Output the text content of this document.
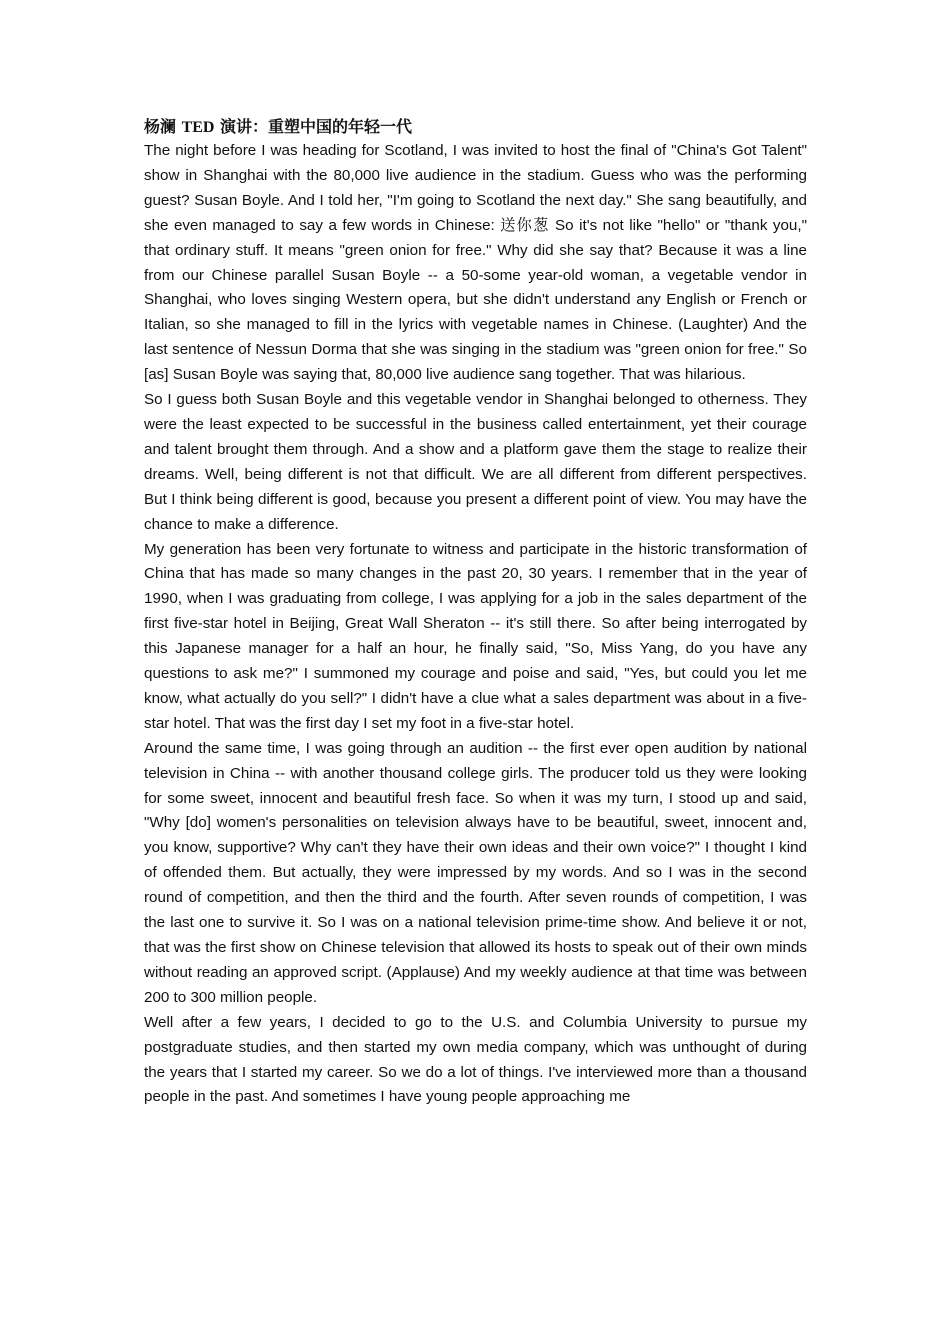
杨澜 TED 演讲：重塑中国的年轻一代

The night before I was heading for Scotland, I was invited to host the final of "China's Got Talent" show in Shanghai with the 80,000 live audience in the stadium. Guess who was the performing guest? Susan Boyle. And I told her, "I'm going to Scotland the next day." She sang beautifully, and she even managed to say a few words in Chinese: 送你葱 So it's not like "hello" or "thank you," that ordinary stuff. It means "green onion for free." Why did she say that? Because it was a line from our Chinese parallel Susan Boyle -- a 50-some year-old woman, a vegetable vendor in Shanghai, who loves singing Western opera, but she didn't understand any English or French or Italian, so she managed to fill in the lyrics with vegetable names in Chinese. (Laughter) And the last sentence of Nessun Dorma that she was singing in the stadium was "green onion for free." So [as] Susan Boyle was saying that, 80,000 live audience sang together. That was hilarious.

So I guess both Susan Boyle and this vegetable vendor in Shanghai belonged to otherness. They were the least expected to be successful in the business called entertainment, yet their courage and talent brought them through. And a show and a platform gave them the stage to realize their dreams. Well, being different is not that difficult. We are all different from different perspectives. But I think being different is good, because you present a different point of view. You may have the chance to make a difference.

My generation has been very fortunate to witness and participate in the historic transformation of China that has made so many changes in the past 20, 30 years. I remember that in the year of 1990, when I was graduating from college, I was applying for a job in the sales department of the first five-star hotel in Beijing, Great Wall Sheraton -- it's still there. So after being interrogated by this Japanese manager for a half an hour, he finally said, "So, Miss Yang, do you have any questions to ask me?" I summoned my courage and poise and said, "Yes, but could you let me know, what actually do you sell?" I didn't have a clue what a sales department was about in a five-star hotel. That was the first day I set my foot in a five-star hotel.

Around the same time, I was going through an audition -- the first ever open audition by national television in China -- with another thousand college girls. The producer told us they were looking for some sweet, innocent and beautiful fresh face. So when it was my turn, I stood up and said, "Why [do] women's personalities on television always have to be beautiful, sweet, innocent and, you know, supportive? Why can't they have their own ideas and their own voice?" I thought I kind of offended them. But actually, they were impressed by my words. And so I was in the second round of competition, and then the third and the fourth. After seven rounds of competition, I was the last one to survive it. So I was on a national television prime-time show. And believe it or not, that was the first show on Chinese television that allowed its hosts to speak out of their own minds without reading an approved script. (Applause) And my weekly audience at that time was between 200 to 300 million people.

Well after a few years, I decided to go to the U.S. and Columbia University to pursue my postgraduate studies, and then started my own media company, which was unthought of during the years that I started my career. So we do a lot of things. I've interviewed more than a thousand people in the past. And sometimes I have young people approaching me
